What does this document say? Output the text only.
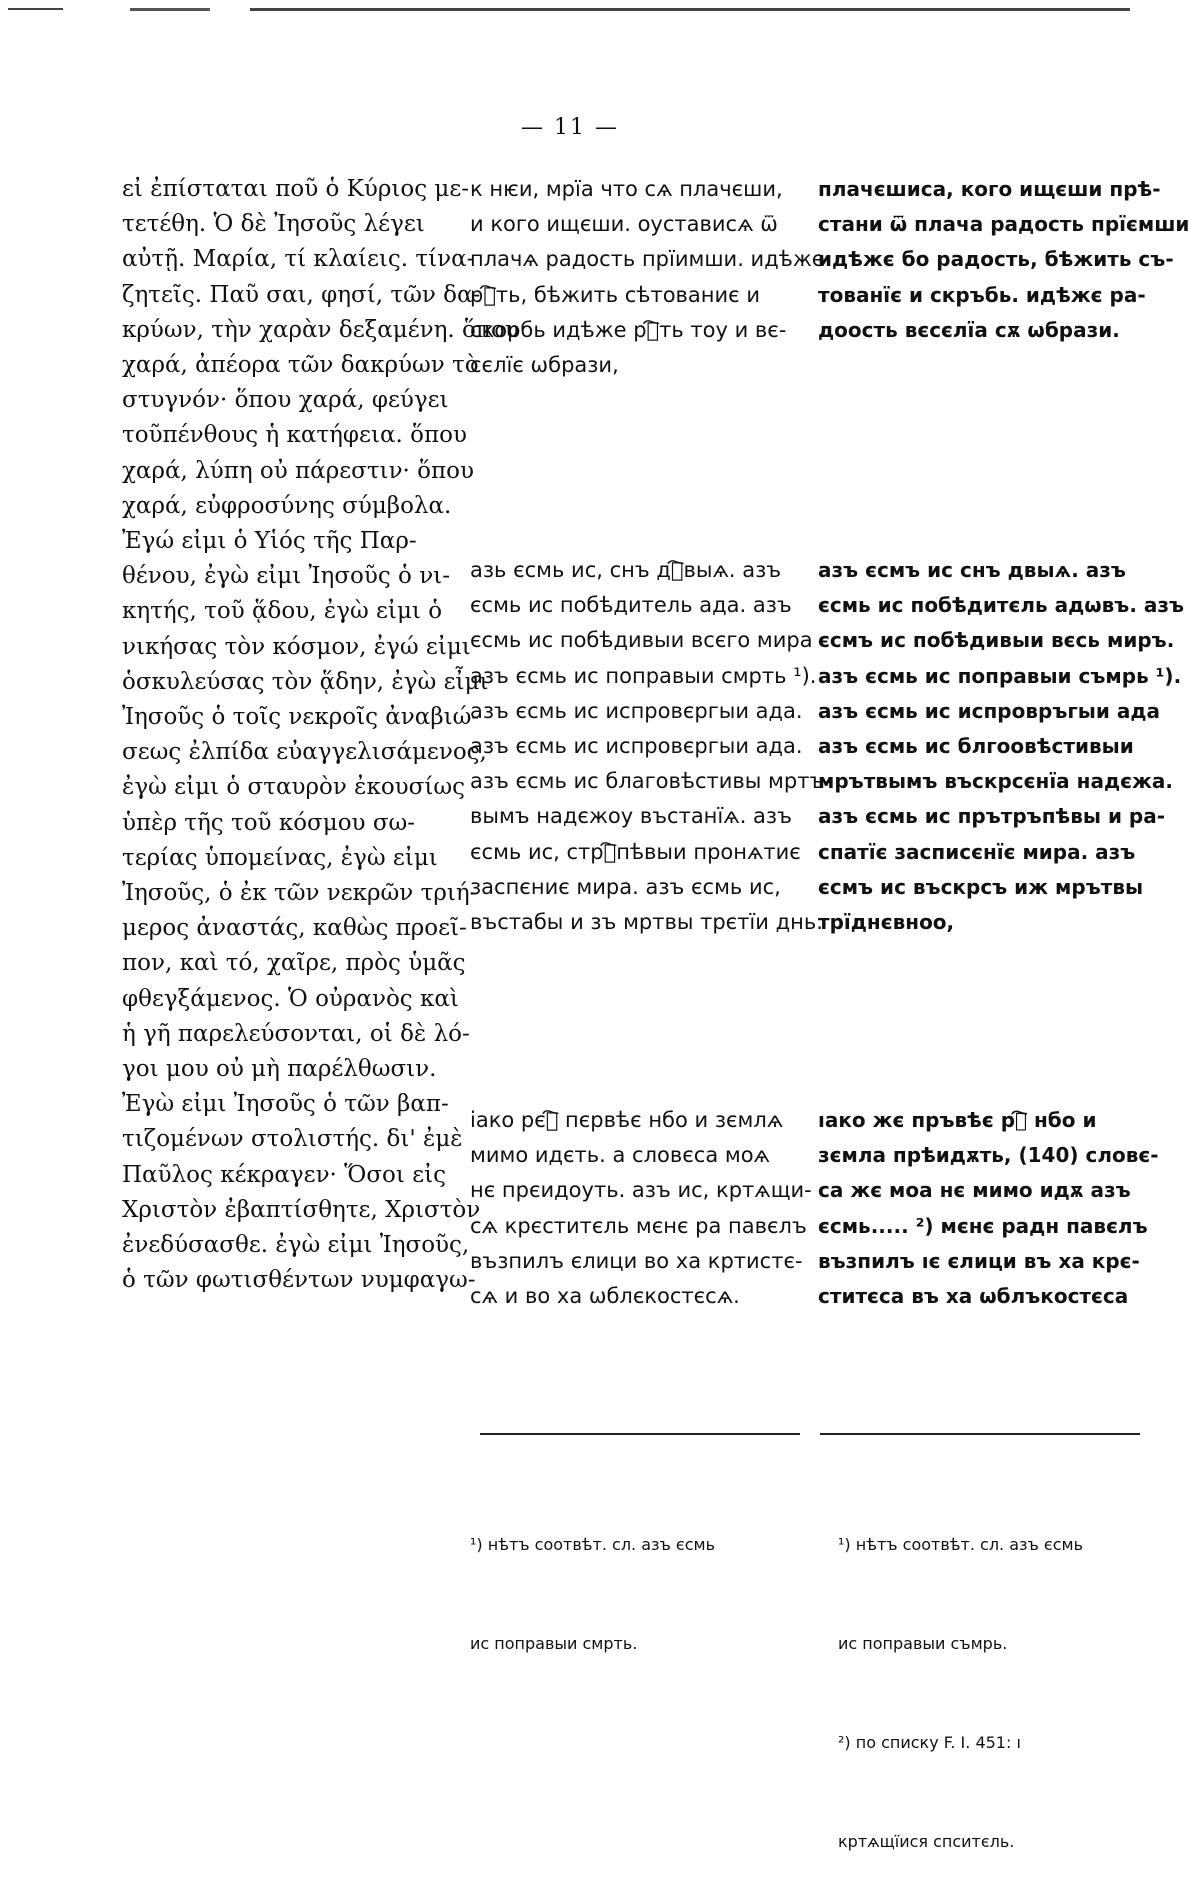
— 11 —
εἰ ἐπίσταται ποῦ ὁ Κύριος με-
τετέθη. Ὁ δὲ Ἰησοῦς λέγει
αὐτῇ. Μαρία, τί κλαίεις. τίνα-
ζητεῖς. Παῦ σαι, φησί, τῶν δα-
κρύων, τὴν χαρὰν δεξαμένη. ὅπου
χαρά, ἀπέορα τῶν δακρύων τὸ
στυγνόν· ὅπου χαρά, φεύγει
τοῦπένθους ἡ κατήφεια. ὅπου
χαρά, λύπη οὐ πάρεστιν· ὅπου
χαρά, εὐφροσύνης σύμβολα.
Ἐγώ εἰμι ὁ Υἱός τῆς Παρ-
θένου, ἐγὼ εἰμι Ἰησοῦς ὁ νι-
κητής, τοῦ ᾅδου, ἐγὼ εἰμι ὁ
νικήσας τὸν κόσμον, ἐγώ εἰμι
ὁσκυλεύσας τὸν ᾅδην, ἐγὼ εἶμι
Ἰησοῦς ὁ τοῖς νεκροῖς ἀναβιώ-
σεως ἐλπίδα εὐαγγελισάμενος,
ἐγὼ εἰμι ὁ σταυρὸν ἐκουσίως
ὑπὲρ τῆς τοῦ κόσμου σω-
τερίας ὑπομείνας, ἐγὼ εἰμι
Ἰησοῦς, ὁ ἐκ τῶν νεκρῶν τριή-
μερος ἀναστάς, καθὼς προεῖ-
πον, καὶ τό, χαῖρε, πρὸς ὑμᾶς
φθεγξάμενος. Ὁ οὐρανὸς καὶ
ἡ γῆ παρελεύσονται, οἱ δὲ λό-
γοι μου οὐ μὴ παρέλθωσιν.
Ἐγὼ εἰμι Ἰησοῦς ὁ τῶν βαπ-
τιζομένων στολιστής. δι' ἐμὲ
Παῦλος κέκραγεν· Ὅσοι εἰς
Χριστὸν ἐβαπτίσθητε, Χριστὸν
ἐνεδύσασθε. ἐγὼ εἰμι Ἰησοῦς,
ὁ τῶν φωτισθέντων νυμφαγω-
к нѥи, мрїа что сѧ плачєши,
и кого ищєши. оустависѧ ѿ
плачѧ радость прїимши. идѣже
рⷭ҇ть, бѣжить сѣтованиє и
скорбь идѣже рⷭ҇ть тоу и вє-
сєлїє ѡбрази,
азь єсмь ис, снъ дⷡ҇выѧ. азъ
єсмь ис побѣдитель ада. азъ
єсмь ис побѣдивыи всєго мира
азъ єсмь ис поправыи смрть ¹).
азъ єсмь ис испровєргыи ада.
азъ єсмь ис испровєргыи ада.
азъ єсмь ис благовѣстивы мртъ-
вымъ надєжоу въстанїѧ. азъ
єсмь ис, стрⷭ҇пѣвыи пронѧтиє
заспєниє мира. азъ єсмь ис,
въстабы и зъ мртвы трєтїи днь.
iако рєⷱ҇ пєрвѣє нбо и зємлѧ
мимо идєть. а словєса моѧ
нє прєидоуть. азъ ис, кртѧщи-
сѧ крєститєль мєнє ра павєлъ
възпилъ єлици во ха кртистє-
сѧ и во ха ѡблєкостєсѧ.
плачєшиса, кого ищєши прѣ-
стани ѿ плача радость прїємши
идѣжє бо радость, бѣжить съ-
тованїє и скръбь. идѣжє ра-
доость вєсєлїа сѫ ѡбрази.
азъ єсмъ ис снъ двыѧ. азъ
єсмь ис побѣдитєль адѡвъ. азъ
єсмъ ис побѣдивыи вєсь миръ.
азъ єсмь ис поправыи съмрь ¹).
азъ єсмь ис испровръгыи ада
азъ єсмь ис блгоовѣстивыи
мрътвымъ въскрсєнїа надєжа.
азъ єсмь ис прътръпѣвы и ра-
спатїє засписєнїє мира. азъ
єсмъ ис въскрсъ иж мрътвы
трїднєвноо,
ıако жє пръвѣє рⷱ҇ нбо и
зємла прѣидѫть, (140) словє-
са жє моа нє мимо идѫ азъ
єсмь..... ²) мєнє радн павєлъ
възпилъ ıє єлици въ ха крє-
ститєса въ ха ѡблъкостєса

¹) нѣтъ соотвѣт. сл. азъ єсмь

ис поправыи смрть.

¹) нѣтъ соотвѣт. сл. азъ єсмь

ис поправыи съмрь.

²) по списку F. I. 451: ı

кртѧщїися спситєль.
